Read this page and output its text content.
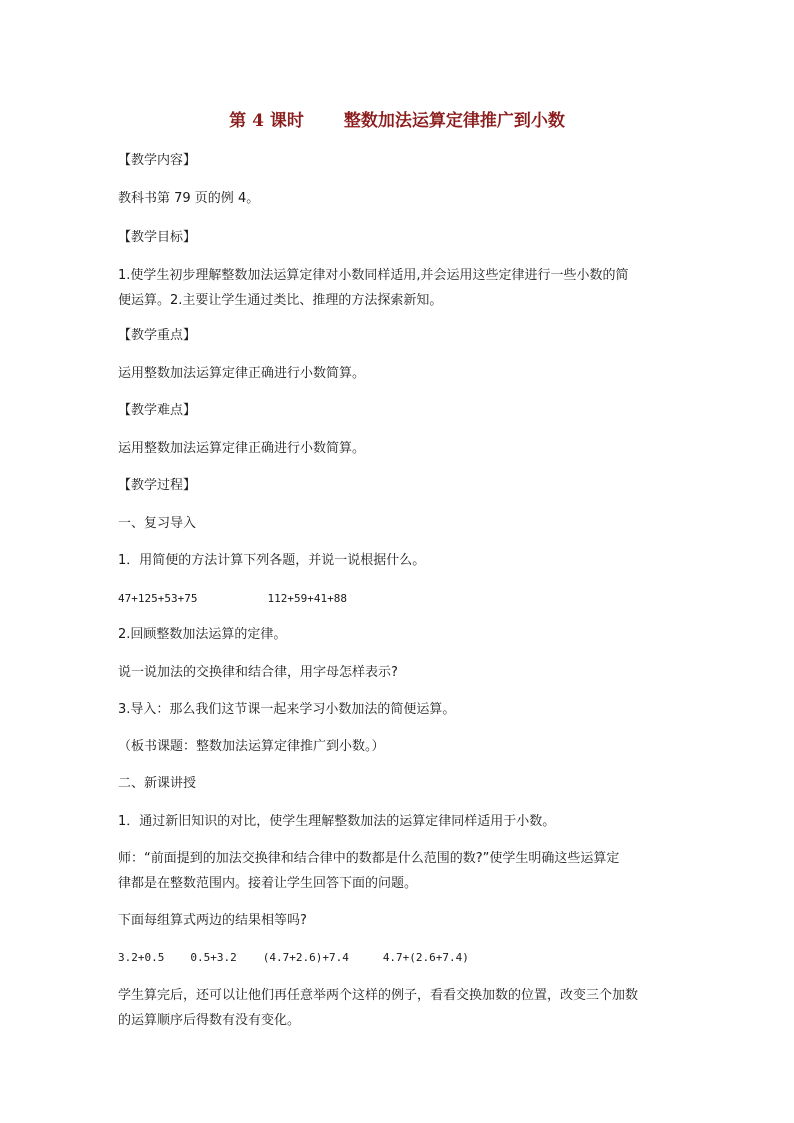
第 4 课时 整数加法运算定律推广到小数
【教学内容】
教科书第 79 页的例 4。
【教学目标】
1.使学生初步理解整数加法运算定律对小数同样适用,并会运用这些定律进行一些小数的简
便运算。2.主要让学生通过类比、推理的方法探索新知。
【教学重点】
运用整数加法运算定律正确进行小数简算。
【教学难点】
运用整数加法运算定律正确进行小数简算。
【教学过程】
一、复习导入
1．用简便的方法计算下列各题，并说一说根据什么。
47+125+53+75	112+59+41+88
2.回顾整数加法运算的定律。
说一说加法的交换律和结合律，用字母怎样表示?
3.导入：那么我们这节课一起来学习小数加法的简便运算。
（板书课题：整数加法运算定律推广到小数。）
二、新课讲授
1．通过新旧知识的对比，使学生理解整数加法的运算定律同样适用于小数。
师：“前面提到的加法交换律和结合律中的数都是什么范围的数?”使学生明确这些运算定
律都是在整数范围内。接着让学生回答下面的问题。
下面每组算式两边的结果相等吗?
3.2+0.5 0.5+3.2 (4.7+2.6)+7.4	4.7+(2.6+7.4)
学生算完后，还可以让他们再任意举两个这样的例子，看看交换加数的位置，改变三个加数
的运算顺序后得数有没有变化。
